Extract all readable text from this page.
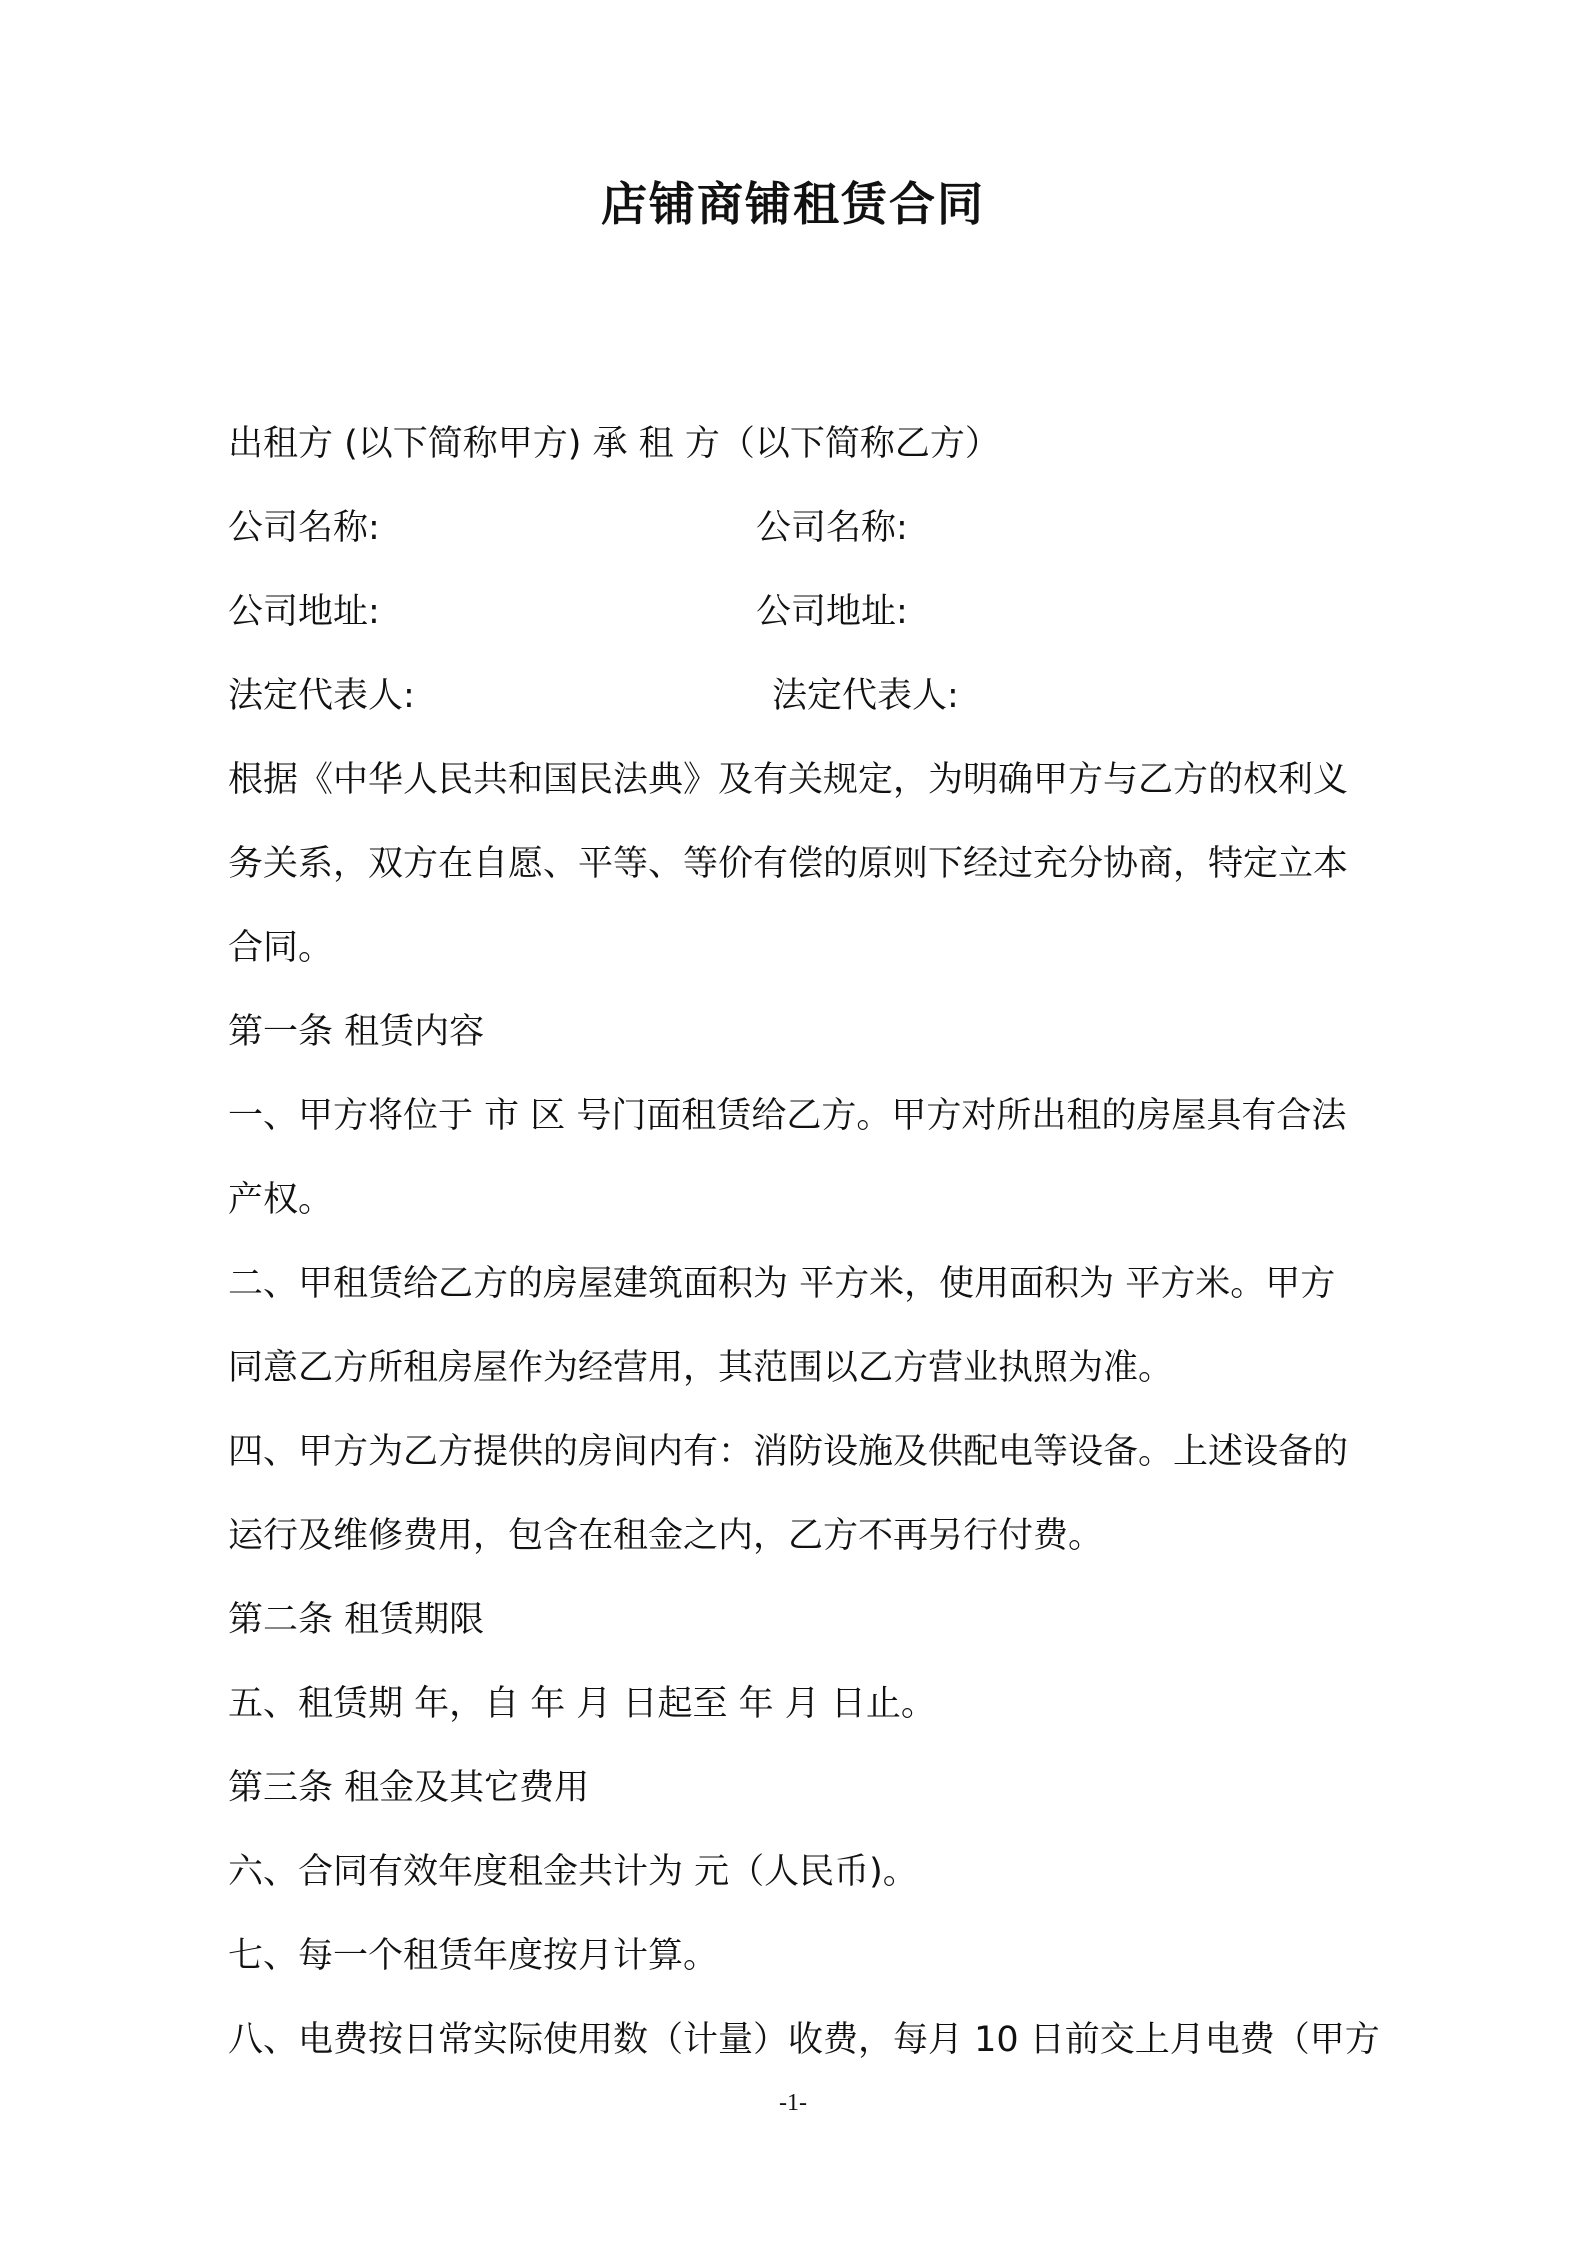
店铺商铺租赁合同
出租方 (以下简称甲方) 承 租 方（以下简称乙方）
公司名称:	公司名称:
公司地址:	公司地址:
法定代表人:	法定代表人:
根据《中华人民共和国民法典》及有关规定，为明确甲方与乙方的权利义
务关系，双方在自愿、平等、等价有偿的原则下经过充分协商，特定立本
合同。
第一条 租赁内容
一、甲方将位于 市 区 号门面租赁给乙方。甲方对所出租的房屋具有合法
产权。
二、甲租赁给乙方的房屋建筑面积为 平方米，使用面积为 平方米。甲方
同意乙方所租房屋作为经营用，其范围以乙方营业执照为准。
四、甲方为乙方提供的房间内有：消防设施及供配电等设备。上述设备的
运行及维修费用，包含在租金之内，乙方不再另行付费。
第二条 租赁期限
五、租赁期 年，自 年 月 日起至 年 月 日止。
第三条 租金及其它费用
六、合同有效年度租金共计为 元（人民币)。
七、每一个租赁年度按月计算。
八、电费按日常实际使用数（计量）收费，每月 10 日前交上月电费（甲方
-1-
